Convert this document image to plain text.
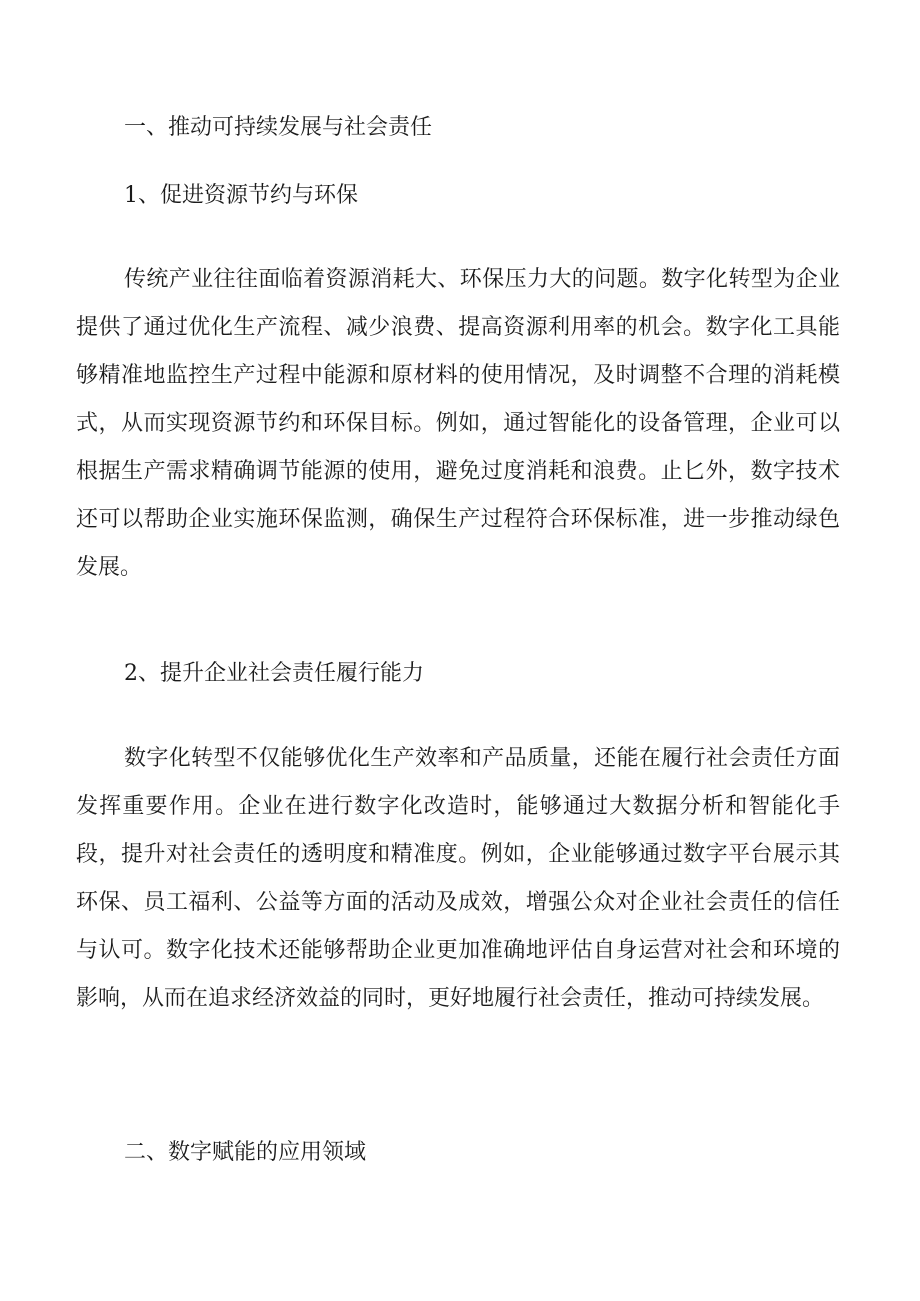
一、推动可持续发展与社会责任
1、促进资源节约与环保

传统产业往往面临着资源消耗大、环保压力大的问题。数字化转型为企业提供了通过优化生产流程、减少浪费、提高资源利用率的机会。数字化工具能够精准地监控生产过程中能源和原材料的使用情况，及时调整不合理的消耗模式，从而实现资源节约和环保目标。例如，通过智能化的设备管理，企业可以根据生产需求精确调节能源的使用，避免过度消耗和浪费。止匕外，数字技术还可以帮助企业实施环保监测，确保生产过程符合环保标准，进一步推动绿色发展。

2、提升企业社会责任履行能力

数字化转型不仅能够优化生产效率和产品质量，还能在履行社会责任方面发挥重要作用。企业在进行数字化改造时，能够通过大数据分析和智能化手段，提升对社会责任的透明度和精准度。例如，企业能够通过数字平台展示其环保、员工福利、公益等方面的活动及成效，增强公众对企业社会责任的信任与认可。数字化技术还能够帮助企业更加准确地评估自身运营对社会和环境的影响，从而在追求经济效益的同时，更好地履行社会责任，推动可持续发展。

二、数字赋能的应用领域
